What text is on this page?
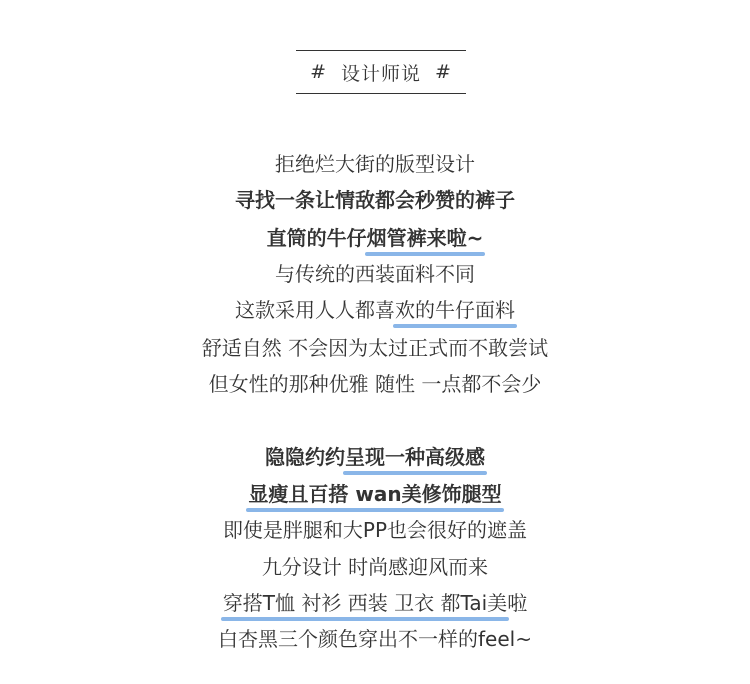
# 设计师说 #
拒绝烂大街的版型设计
寻找一条让情敌都会秒赞的裤子
直筒的牛仔烟管裤来啦~
与传统的西装面料不同
这款采用人人都喜欢的牛仔面料
舒适自然 不会因为太过正式而不敢尝试
但女性的那种优雅 随性 一点都不会少
隐隐约约呈现一种高级感
显瘦且百搭 wan美修饰腿型
即使是胖腿和大PP也会很好的遮盖
九分设计 时尚感迎风而来
穿搭T恤 衬衫 西装 卫衣 都Tai美啦
白杏黑三个颜色穿出不一样的feel~
